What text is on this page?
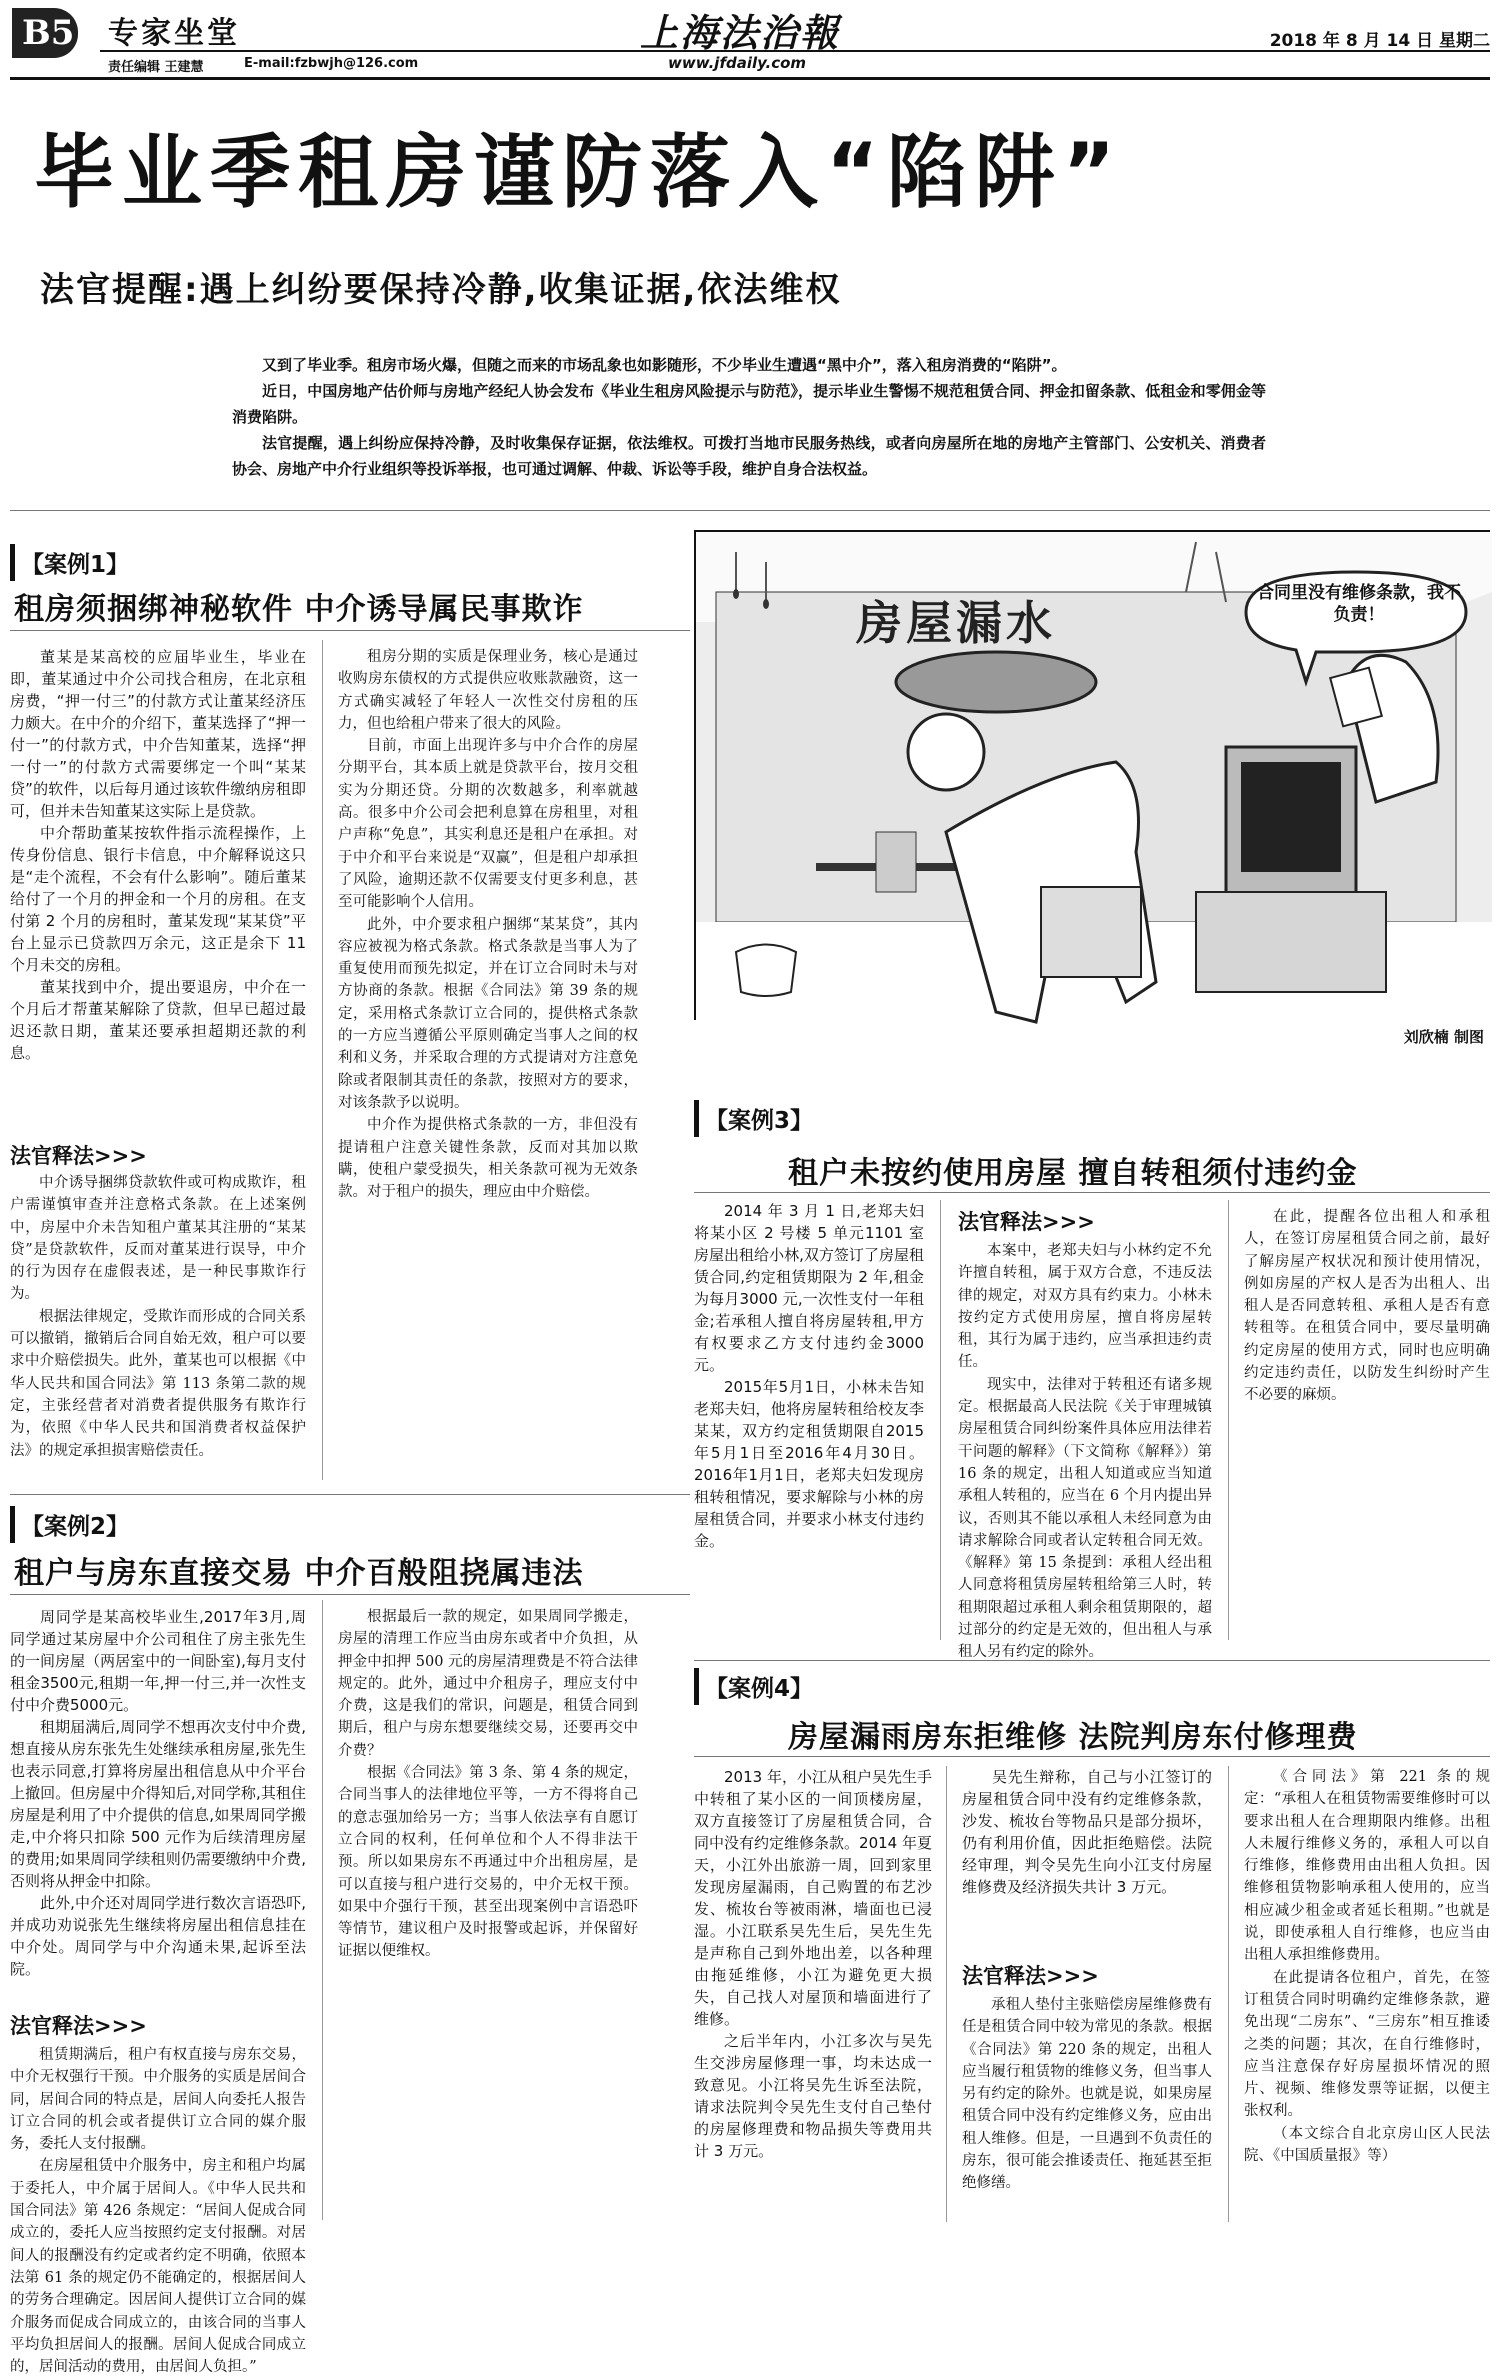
B5 专家坐堂
责任编辑 王建慧	E-mail:fzbwjh@126.com
上海法治報
www.jfdaily.com
2018 年 8 月 14 日 星期二
毕业季租房谨防落入“陷阱”
法官提醒:遇上纠纷要保持冷静,收集证据,依法维权

又到了毕业季。租房市场火爆，但随之而来的市场乱象也如影随形，不少毕业生遭遇“黑中介”，落入租房消费的“陷阱”。

近日，中国房地产估价师与房地产经纪人协会发布《毕业生租房风险提示与防范》，提示毕业生警惕不规范租赁合同、押金扣留条款、低租金和零佣金等消费陷阱。

法官提醒，遇上纠纷应保持冷静，及时收集保存证据，依法维权。可拨打当地市民服务热线，或者向房屋所在地的房地产主管部门、公安机关、消费者协会、房地产中介行业组织等投诉举报，也可通过调解、仲裁、诉讼等手段，维护自身合法权益。

【案例1】
租房须捆绑神秘软件 中介诱导属民事欺诈

董某是某高校的应届毕业生，毕业在即，董某通过中介公司找合租房，在北京租房费，“押一付三”的付款方式让董某经济压力颇大。在中介的介绍下，董某选择了“押一付一”的付款方式，中介告知董某，选择“押一付一”的付款方式需要绑定一个叫“某某贷”的软件，以后每月通过该软件缴纳房租即可，但并未告知董某这实际上是贷款。

中介帮助董某按软件指示流程操作，上传身份信息、银行卡信息，中介解释说这只是“走个流程，不会有什么影响”。随后董某给付了一个月的押金和一个月的房租。在支付第 2 个月的房租时，董某发现“某某贷”平台上显示已贷款四万余元，这正是余下 11 个月未交的房租。

董某找到中介，提出要退房，中介在一个月后才帮董某解除了贷款，但早已超过最迟还款日期，董某还要承担超期还款的利息。

法官释法>>>

中介诱导捆绑贷款软件或可构成欺诈，租户需谨慎审查并注意格式条款。在上述案例中，房屋中介未告知租户董某其注册的“某某贷”是贷款软件，反而对董某进行误导，中介的行为因存在虚假表述，是一种民事欺诈行为。

根据法律规定，受欺诈而形成的合同关系可以撤销，撤销后合同自始无效，租户可以要求中介赔偿损失。此外，董某也可以根据《中华人民共和国合同法》第 113 条第二款的规定，主张经营者对消费者提供服务有欺诈行为，依照《中华人民共和国消费者权益保护法》的规定承担损害赔偿责任。

租房分期的实质是保理业务，核心是通过收购房东债权的方式提供应收账款融资，这一方式确实减轻了年轻人一次性交付房租的压力，但也给租户带来了很大的风险。

目前，市面上出现许多与中介合作的房屋分期平台，其本质上就是贷款平台，按月交租实为分期还贷。分期的次数越多，利率就越高。很多中介公司会把利息算在房租里，对租户声称“免息”，其实利息还是租户在承担。对于中介和平台来说是“双赢”，但是租户却承担了风险，逾期还款不仅需要支付更多利息，甚至可能影响个人信用。

此外，中介要求租户捆绑“某某贷”，其内容应被视为格式条款。格式条款是当事人为了重复使用而预先拟定，并在订立合同时未与对方协商的条款。根据《合同法》第 39 条的规定，采用格式条款订立合同的，提供格式条款的一方应当遵循公平原则确定当事人之间的权利和义务，并采取合理的方式提请对方注意免除或者限制其责任的条款，按照对方的要求，对该条款予以说明。

中介作为提供格式条款的一方，非但没有提请租户注意关键性条款，反而对其加以欺瞒，使租户蒙受损失，相关条款可视为无效条款。对于租户的损失，理应由中介赔偿。

房屋漏水
合同里没有维修条款，我不负责！
刘欣楠 制图
【案例3】
租户未按约使用房屋 擅自转租须付违约金

2014 年 3 月 1 日,老郑夫妇将某小区 2 号楼 5 单元1101 室房屋出租给小林,双方签订了房屋租赁合同,约定租赁期限为 2 年,租金为每月3000 元,一次性支付一年租金;若承租人擅自将房屋转租,甲方有权要求乙方支付违约金3000 元。

2015年5月1日，小林未告知老郑夫妇，他将房屋转租给校友李某某，双方约定租赁期限自2015年5月1日至2016年4月30日。2016年1月1日，老郑夫妇发现房租转租情况，要求解除与小林的房屋租赁合同，并要求小林支付违约金。

法官释法>>>

本案中，老郑夫妇与小林约定不允许擅自转租，属于双方合意，不违反法律的规定，对双方具有约束力。小林未按约定方式使用房屋，擅自将房屋转租，其行为属于违约，应当承担违约责任。

现实中，法律对于转租还有诸多规定。根据最高人民法院《关于审理城镇房屋租赁合同纠纷案件具体应用法律若干问题的解释》（下文简称《解释》）第 16 条的规定，出租人知道或应当知道承租人转租的，应当在 6 个月内提出异议，否则其不能以承租人未经同意为由请求解除合同或者认定转租合同无效。《解释》第 15 条提到：承租人经出租人同意将租赁房屋转租给第三人时，转租期限超过承租人剩余租赁期限的，超过部分的约定是无效的，但出租人与承租人另有约定的除外。

在此，提醒各位出租人和承租人，在签订房屋租赁合同之前，最好了解房屋产权状况和预计使用情况，例如房屋的产权人是否为出租人、出租人是否同意转租、承租人是否有意转租等。在租赁合同中，要尽量明确约定房屋的使用方式，同时也应明确约定违约责任，以防发生纠纷时产生不必要的麻烦。

【案例2】
租户与房东直接交易 中介百般阻挠属违法

周同学是某高校毕业生,2017年3月,周同学通过某房屋中介公司租住了房主张先生的一间房屋（两居室中的一间卧室),每月支付租金3500元,租期一年,押一付三,并一次性支付中介费5000元。

租期届满后,周同学不想再次支付中介费,想直接从房东张先生处继续承租房屋,张先生也表示同意,打算将房屋出租信息从中介平台上撤回。但房屋中介得知后,对同学称,其租住房屋是利用了中介提供的信息,如果周同学搬走,中介将只扣除 500 元作为后续清理房屋的费用;如果周同学续租则仍需要缴纳中介费,否则将从押金中扣除。

此外,中介还对周同学进行数次言语恐吓,并成功劝说张先生继续将房屋出租信息挂在中介处。周同学与中介沟通未果,起诉至法院。

法官释法>>>

租赁期满后，租户有权直接与房东交易，中介无权强行干预。中介服务的实质是居间合同，居间合同的特点是，居间人向委托人报告订立合同的机会或者提供订立合同的媒介服务，委托人支付报酬。

在房屋租赁中介服务中，房主和租户均属于委托人，中介属于居间人。《中华人民共和国合同法》第 426 条规定：“居间人促成合同成立的，委托人应当按照约定支付报酬。对居间人的报酬没有约定或者约定不明确，依照本法第 61 条的规定仍不能确定的，根据居间人的劳务合理确定。因居间人提供订立合同的媒介服务而促成合同成立的，由该合同的当事人平均负担居间人的报酬。居间人促成合同成立的，居间活动的费用，由居间人负担。”

根据最后一款的规定，如果周同学搬走，房屋的清理工作应当由房东或者中介负担，从押金中扣押 500 元的房屋清理费是不符合法律规定的。此外，通过中介租房子，理应支付中介费，这是我们的常识，问题是，租赁合同到期后，租户与房东想要继续交易，还要再交中介费？

根据《合同法》第 3 条、第 4 条的规定，合同当事人的法律地位平等，一方不得将自己的意志强加给另一方；当事人依法享有自愿订立合同的权利，任何单位和个人不得非法干预。所以如果房东不再通过中介出租房屋，是可以直接与租户进行交易的，中介无权干预。如果中介强行干预，甚至出现案例中言语恐吓等情节，建议租户及时报警或起诉，并保留好证据以便维权。

【案例4】
房屋漏雨房东拒维修 法院判房东付修理费

2013 年，小江从租户吴先生手中转租了某小区的一间顶楼房屋，双方直接签订了房屋租赁合同，合同中没有约定维修条款。2014 年夏天，小江外出旅游一周，回到家里发现房屋漏雨，自己购置的布艺沙发、梳妆台等被雨淋，墙面也已浸湿。小江联系吴先生后，吴先生先是声称自己到外地出差，以各种理由拖延维修，小江为避免更大损失，自己找人对屋顶和墙面进行了维修。

之后半年内，小江多次与吴先生交涉房屋修理一事，均未达成一致意见。小江将吴先生诉至法院，请求法院判令吴先生支付自己垫付的房屋修理费和物品损失等费用共计 3 万元。

吴先生辩称，自己与小江签订的房屋租赁合同中没有约定维修条款，沙发、梳妆台等物品只是部分损坏，仍有利用价值，因此拒绝赔偿。法院经审理，判令吴先生向小江支付房屋维修费及经济损失共计 3 万元。

法官释法>>>

承租人垫付主张赔偿房屋维修费有任是租赁合同中较为常见的条款。根据《合同法》第 220 条的规定，出租人应当履行租赁物的维修义务，但当事人另有约定的除外。也就是说，如果房屋租赁合同中没有约定维修义务，应由出租人维修。但是，一旦遇到不负责任的房东，很可能会推诿责任、拖延甚至拒绝修缮。

《合同法》第 221 条的规定：“承租人在租赁物需要维修时可以要求出租人在合理期限内维修。出租人未履行维修义务的，承租人可以自行维修，维修费用由出租人负担。因维修租赁物影响承租人使用的，应当相应减少租金或者延长租期。”也就是说，即使承租人自行维修，也应当由出租人承担维修费用。

在此提请各位租户，首先，在签订租赁合同时明确约定维修条款，避免出现“二房东”、“三房东”相互推诿之类的问题；其次，在自行维修时，应当注意保存好房屋损坏情况的照片、视频、维修发票等证据，以便主张权利。

（本文综合自北京房山区人民法院、《中国质量报》等）
